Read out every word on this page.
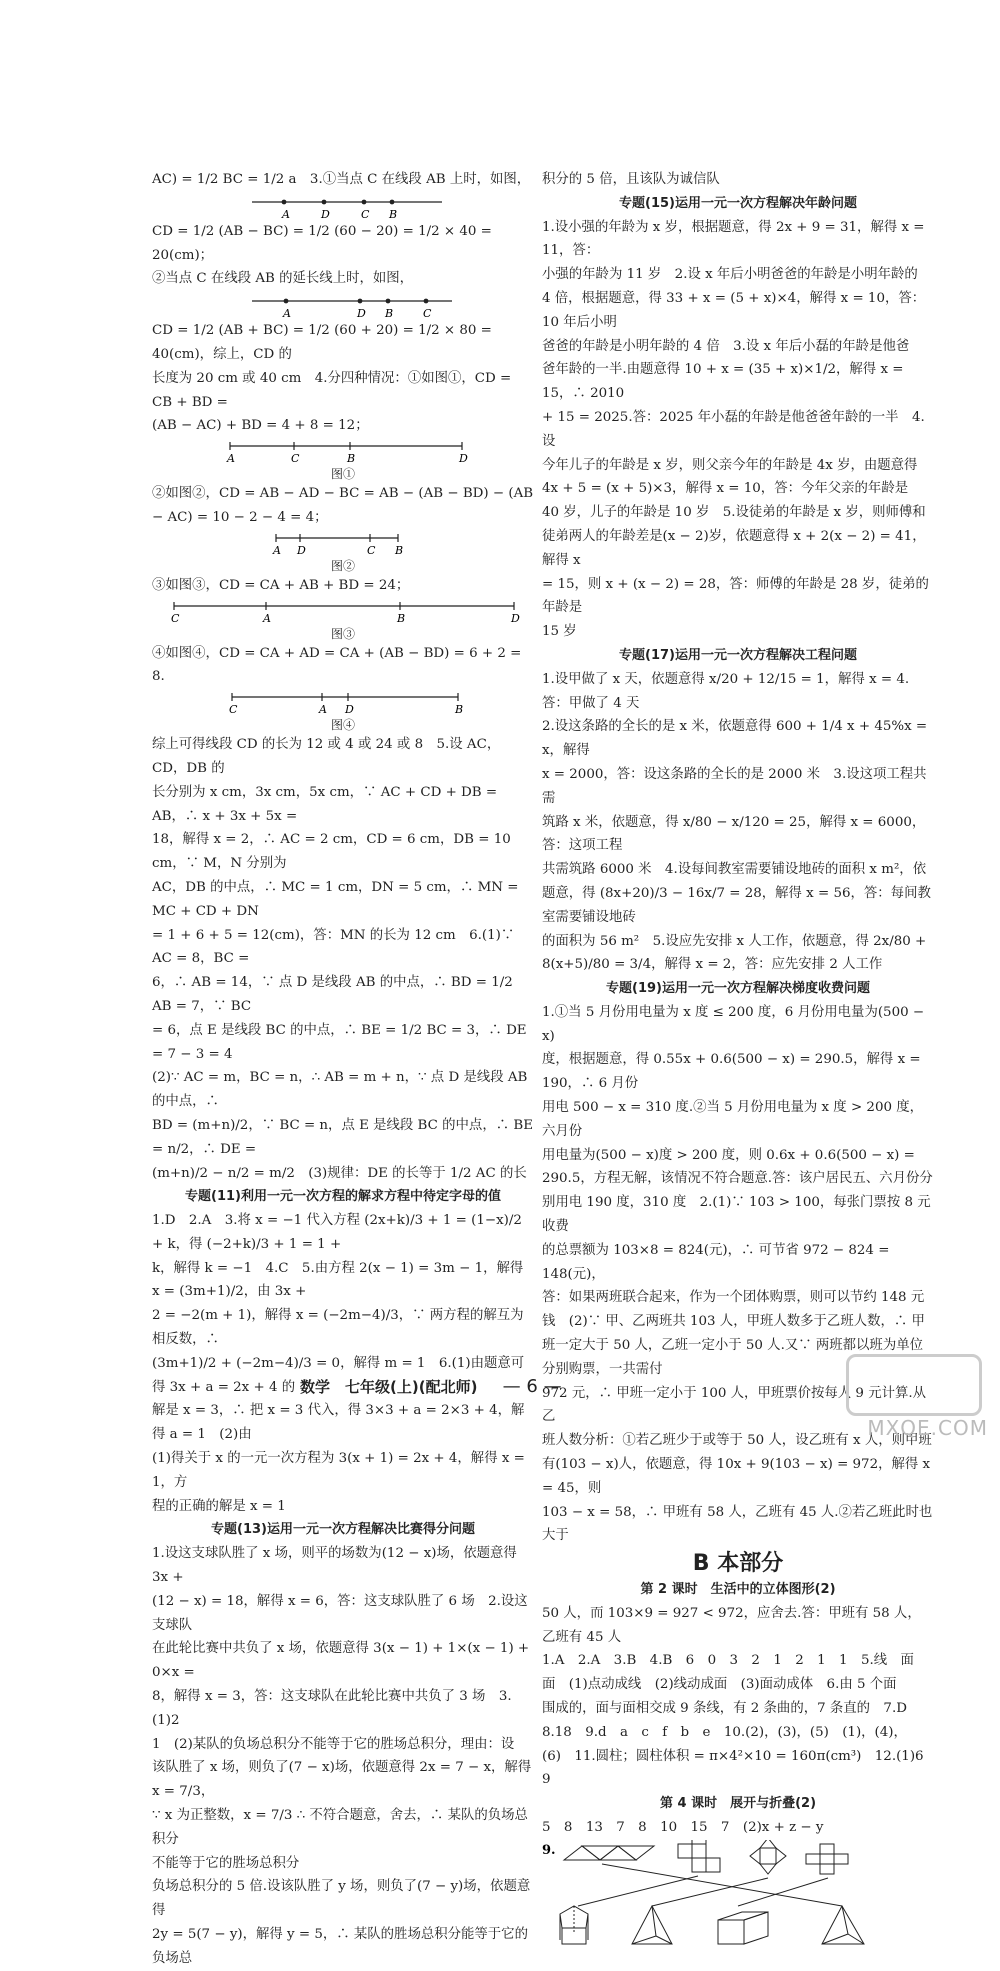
AC) = 1/2 BC = 1/2 a　3.①当点 C 在线段 AB 上时，如图，

A	D	C B

CD = 1/2 (AB − BC) = 1/2 (60 − 20) = 1/2 × 40 = 20(cm)；

②当点 C 在线段 AB 的延长线上时，如图，

A	D B	C

CD = 1/2 (AB + BC) = 1/2 (60 + 20) = 1/2 × 80 = 40(cm)，综上，CD 的

长度为 20 cm 或 40 cm　4.分四种情况：①如图①，CD = CB + BD =

(AB − AC) + BD = 4 + 8 = 12；

A	C	B	D
图①

②如图②，CD = AB − AD − BC = AB − (AB − BD) − (AB − AC) = 10 − 2 − 4 = 4；

A D	C B
图②

③如图③，CD = CA + AB + BD = 24；

C	A	B	D
图③

④如图④，CD = CA + AD = CA + (AB − BD) = 6 + 2 = 8.

C	A D	B
图④

综上可得线段 CD 的长为 12 或 4 或 24 或 8　5.设 AC，CD，DB 的

长分别为 x cm，3x cm，5x cm，∵ AC + CD + DB = AB，∴ x + 3x + 5x =

18，解得 x = 2，∴ AC = 2 cm，CD = 6 cm，DB = 10 cm，∵ M，N 分别为

AC，DB 的中点，∴ MC = 1 cm，DN = 5 cm，∴ MN = MC + CD + DN

= 1 + 6 + 5 = 12(cm)，答：MN 的长为 12 cm　6.(1)∵ AC = 8，BC =

6，∴ AB = 14，∵ 点 D 是线段 AB 的中点，∴ BD = 1/2 AB = 7，∵ BC

= 6，点 E 是线段 BC 的中点，∴ BE = 1/2 BC = 3，∴ DE = 7 − 3 = 4

(2)∵ AC = m，BC = n，∴ AB = m + n，∵ 点 D 是线段 AB 的中点，∴

BD = (m+n)/2，∵ BC = n，点 E 是线段 BC 的中点，∴ BE = n/2，∴ DE =

(m+n)/2 − n/2 = m/2　(3)规律：DE 的长等于 1/2 AC 的长

专题(11)利用一元一次方程的解求方程中待定字母的值

1.D　2.A　3.将 x = −1 代入方程 (2x+k)/3 + 1 = (1−x)/2 + k，得 (−2+k)/3 + 1 = 1 +

k，解得 k = −1　4.C　5.由方程 2(x − 1) = 3m − 1，解得 x = (3m+1)/2，由 3x +

2 = −2(m + 1)，解得 x = (−2m−4)/3，∵ 两方程的解互为相反数，∴

(3m+1)/2 + (−2m−4)/3 = 0，解得 m = 1　6.(1)由题意可得 3x + a = 2x + 4 的

解是 x = 3，∴ 把 x = 3 代入，得 3×3 + a = 2×3 + 4，解得 a = 1　(2)由

(1)得关于 x 的一元一次方程为 3(x + 1) = 2x + 4，解得 x = 1，方

程的正确的解是 x = 1

专题(13)运用一元一次方程解决比赛得分问题

1.设这支球队胜了 x 场，则平的场数为(12 − x)场，依题意得 3x +

(12 − x) = 18，解得 x = 6，答：这支球队胜了 6 场　2.设这支球队

在此轮比赛中共负了 x 场，依题意得 3(x − 1) + 1×(x − 1) + 0×x =

8，解得 x = 3，答：这支球队在此轮比赛中共负了 3 场　3.(1)2

1　(2)某队的负场总积分不能等于它的胜场总积分，理由：设

该队胜了 x 场，则负了(7 − x)场，依题意得 2x = 7 − x，解得 x = 7/3，

∵ x 为正整数，x = 7/3 ∴ 不符合题意，舍去，∴ 某队的负场总积分

不能等于它的胜场总积分

负场总积分的 5 倍.设该队胜了 y 场，则负了(7 − y)场，依题意得

2y = 5(7 − y)，解得 y = 5，∴ 某队的胜场总积分能等于它的负场总

积分的 5 倍，且该队为诚信队

专题(15)运用一元一次方程解决年龄问题

1.设小强的年龄为 x 岁，根据题意，得 2x + 9 = 31，解得 x = 11，答：

小强的年龄为 11 岁　2.设 x 年后小明爸爸的年龄是小明年龄的

4 倍，根据题意，得 33 + x = (5 + x)×4，解得 x = 10，答：10 年后小明

爸爸的年龄是小明年龄的 4 倍　3.设 x 年后小磊的年龄是他爸

爸年龄的一半.由题意得 10 + x = (35 + x)×1/2，解得 x = 15，∴ 2010

+ 15 = 2025.答：2025 年小磊的年龄是他爸爸年龄的一半　4.设

今年儿子的年龄是 x 岁，则父亲今年的年龄是 4x 岁，由题意得

4x + 5 = (x + 5)×3，解得 x = 10，答：今年父亲的年龄是

40 岁，儿子的年龄是 10 岁　5.设徒弟的年龄是 x 岁，则师傅和

徒弟两人的年龄差是(x − 2)岁，依题意得 x + 2(x − 2) = 41，解得 x

= 15，则 x + (x − 2) = 28，答：师傅的年龄是 28 岁，徒弟的年龄是

15 岁

专题(17)运用一元一次方程解决工程问题

1.设甲做了 x 天，依题意得 x/20 + 12/15 = 1，解得 x = 4.答：甲做了 4 天

2.设这条路的全长的是 x 米，依题意得 600 + 1/4 x + 45%x = x，解得

x = 2000，答：设这条路的全长的是 2000 米　3.设这项工程共需

筑路 x 米，依题意，得 x/80 − x/120 = 25，解得 x = 6000，答：这项工程

共需筑路 6000 米　4.设每间教室需要铺设地砖的面积 x m²，依

题意，得 (8x+20)/3 − 16x/7 = 28，解得 x = 56，答：每间教室需要铺设地砖

的面积为 56 m²　5.设应先安排 x 人工作，依题意，得 2x/80 +

8(x+5)/80 = 3/4，解得 x = 2，答：应先安排 2 人工作

专题(19)运用一元一次方程解决梯度收费问题

1.①当 5 月份用电量为 x 度 ≤ 200 度，6 月份用电量为(500 − x)

度，根据题意，得 0.55x + 0.6(500 − x) = 290.5，解得 x = 190，∴ 6 月份

用电 500 − x = 310 度.②当 5 月份用电量为 x 度 > 200 度，六月份

用电量为(500 − x)度 > 200 度，则 0.6x + 0.6(500 − x) =

290.5，方程无解，该情况不符合题意.答：该户居民五、六月份分

别用电 190 度，310 度　2.(1)∵ 103 > 100，每张门票按 8 元收费

的总票额为 103×8 = 824(元)，∴ 可节省 972 − 824 = 148(元)，

答：如果两班联合起来，作为一个团体购票，则可以节约 148 元

钱　(2)∵ 甲、乙两班共 103 人，甲班人数多于乙班人数，∴ 甲

班一定大于 50 人，乙班一定小于 50 人.又∵ 两班都以班为单位分别购票，一共需付

972 元，∴ 甲班一定小于 100 人，甲班票价按每人 9 元计算.从乙

班人数分析：①若乙班少于或等于 50 人，设乙班有 x 人，则甲班

有(103 − x)人，依题意，得 10x + 9(103 − x) = 972，解得 x = 45，则

103 − x = 58，∴ 甲班有 58 人，乙班有 45 人.②若乙班此时也大于

B 本部分

第 2 课时　生活中的立体图形(2)

50 人，而 103×9 = 927 < 972，应舍去.答：甲班有 58 人，乙班有 45 人

1.A　2.A　3.B　4.B　6　0　3　2　1　2　1　1　5.线　面

面　(1)点动成线　(2)线动成面　(3)面动成体　6.由 5 个面

围成的，面与面相交成 9 条线，有 2 条曲的，7 条直的　7.D

8.18　9.d　a　c　f　b　e　10.(2)，(3)，(5)　(1)，(4)，

(6)　11.圆柱；圆柱体积 = π×4²×10 = 160π(cm³)　12.(1)6　9

第 4 课时　展开与折叠(2)

5　8　13　7　8　10　15　7　(2)x + z − y

9.
数学　七年级(上)(配北师) — 6 —
MXQE.COM
